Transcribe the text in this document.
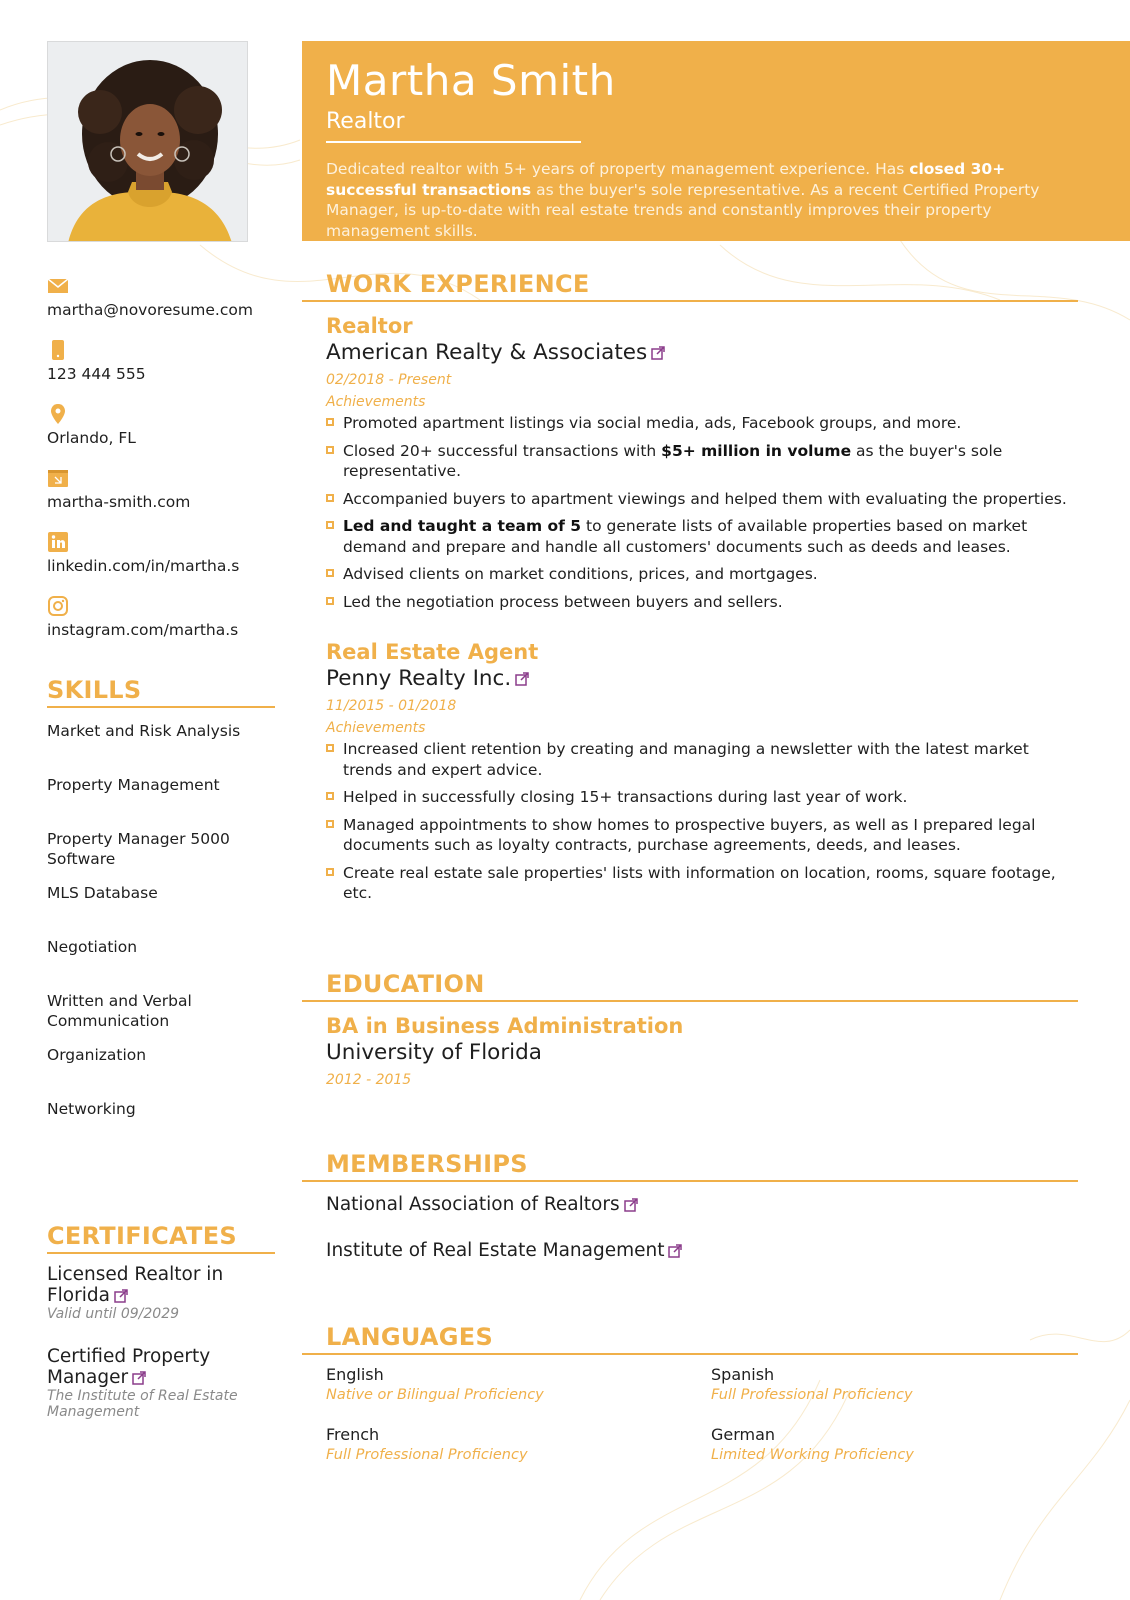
martha@novoresume.com
123 444 555
Orlando, FL
martha-smith.com
linkedin.com/in/martha.s
instagram.com/martha.s
SKILLS
Market and Risk Analysis
Property Management
Property Manager 5000 Software
MLS Database
Negotiation
Written and Verbal Communication
Organization
Networking
CERTIFICATES
Licensed Realtor in Florida
Valid until 09/2029
Certified Property Manager
The Institute of Real Estate Management
Martha Smith
Realtor
Dedicated realtor with 5+ years of property management experience. Has closed 30+ successful transactions as the buyer's sole representative. As a recent Certified Property Manager, is up-to-date with real estate trends and constantly improves their property management skills.
WORK EXPERIENCE
Realtor
American Realty & Associates
02/2018 - Present
Achievements
Promoted apartment listings via social media, ads, Facebook groups, and more.
Closed 20+ successful transactions with $5+ million in volume as the buyer's sole representative.
Accompanied buyers to apartment viewings and helped them with evaluating the properties.
Led and taught a team of 5 to generate lists of available properties based on market demand and prepare and handle all customers' documents such as deeds and leases.
Advised clients on market conditions, prices, and mortgages.
Led the negotiation process between buyers and sellers.
Real Estate Agent
Penny Realty Inc.
11/2015 - 01/2018
Achievements
Increased client retention by creating and managing a newsletter with the latest market trends and expert advice.
Helped in successfully closing 15+ transactions during last year of work.
Managed appointments to show homes to prospective buyers, as well as I prepared legal documents such as loyalty contracts, purchase agreements, deeds, and leases.
Create real estate sale properties' lists with information on location, rooms, square footage, etc.
EDUCATION
BA in Business Administration
University of Florida
2012 - 2015
MEMBERSHIPS
National Association of Realtors
Institute of Real Estate Management
LANGUAGES
English
Native or Bilingual Proficiency
Spanish
Full Professional Proficiency
French
Full Professional Proficiency
German
Limited Working Proficiency
